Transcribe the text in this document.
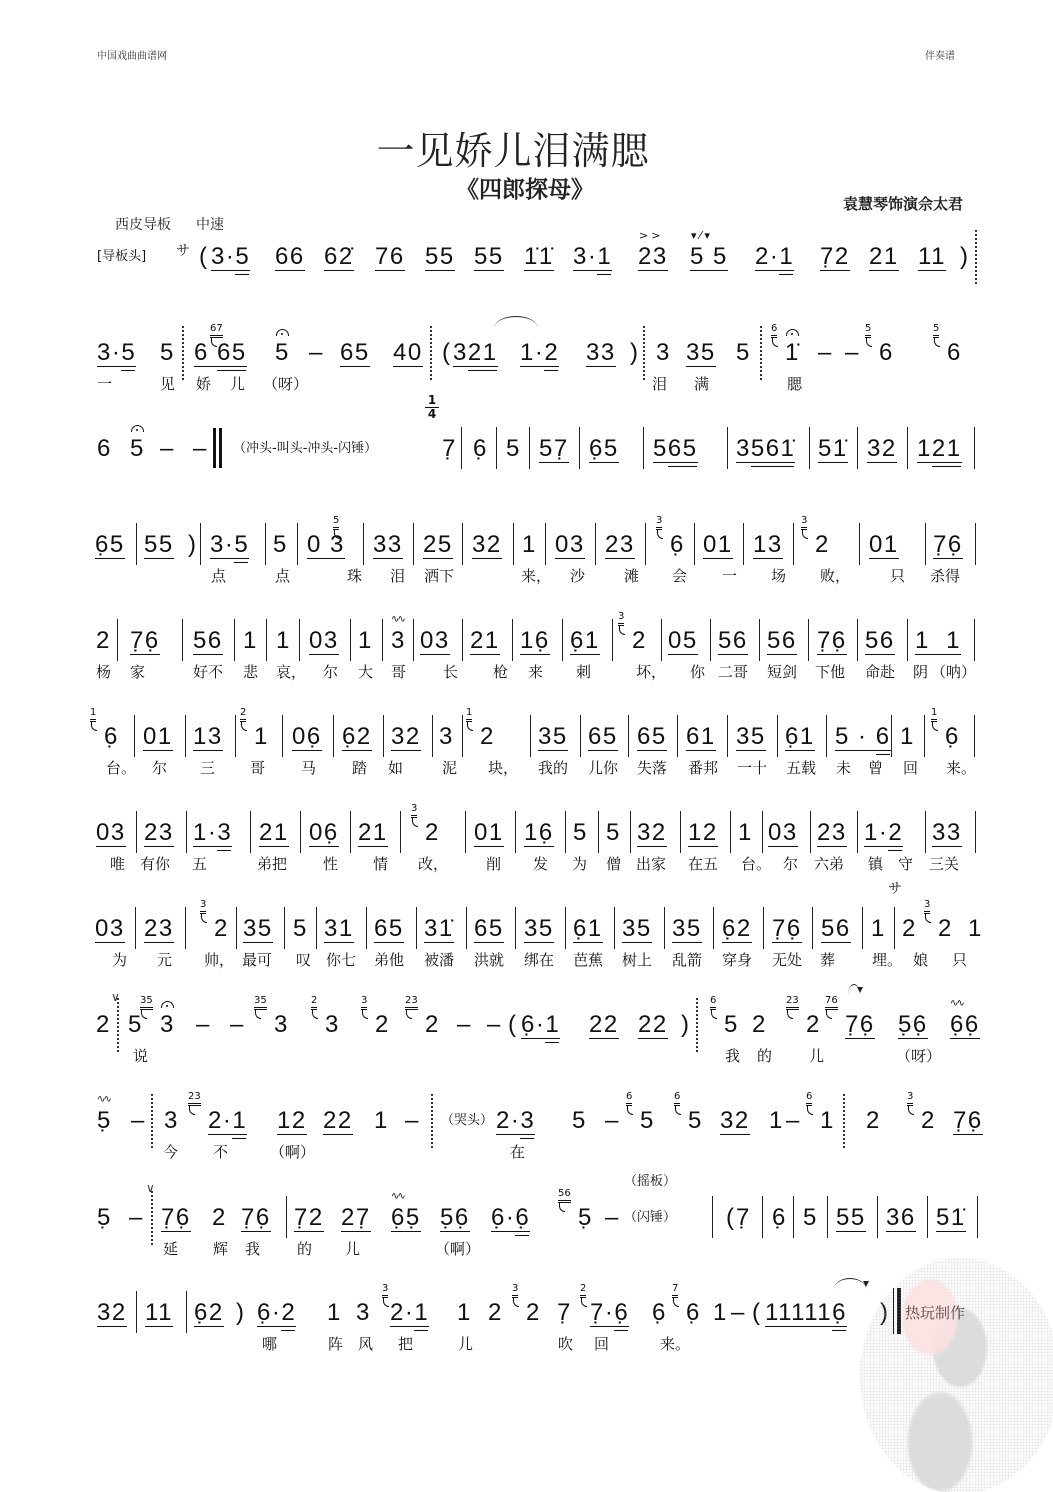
中国戏曲曲谱网	伴奏谱
一见娇儿泪满腮
《四郎探母》
袁慧琴饰演佘太君
西皮导板 中速
[导板头] サ ( 3·5 66 62̇ 76 55 55 1̇1̇ 3·1 23
>>
5 5
▾⁄▾
2·1 7̣2 21 11 )
3·5 5 6 65
67
5 – 65 40 ( 321 1·2 33 ) 3 35 5 1̇
6
– – 6
5
6
5
一	见 娇 儿 （呀）	泪 满	腮
6 5 – – （冲头-叫头-冲头-闪锤）
$\frac{1}{4}$
7̣ 6̣ 5 57̣ 6̣5 565 3561̇ 51̇ 32 121
6̣5 55 ) 3·5 5 0 3
5
33 25 32 1 03 23 6̣
3
01 13 2
3
01 7̣6̣
点	点	珠 泪 洒下	来， 沙	滩 会 一 场 败，	只 杀得
2 7̣6̣ 56 1 1 03 1 3
∿∿ 03 21 16̣ 6̣1 2
3
05 56 56 7̣6̣ 56 1  1
杨 家	好不 悲 哀， 尔 大 哥 长 枪 来 刺	坏， 你 二哥 短剑 下他 命赴 阴 （呐）
6̣
1
01 13 1
2
06̣ 6̣2 32 3 2
1
35 65 65 61 35 6̣1 5 · 6 1 6̣
1
台。 尔 三 哥 马 踏 如	泥 块， 我的 儿你 失落 番邦 一十 五载 未 曾 回 来。
03 23 1·3 21 06̣ 21 2
3
01 16̣ 5 5 32 12 1 03 23 1·2 33
唯 有你 五	弟把 性 情 改，	削 发 为 僧 出家 在五 台。 尔 六弟 镇 守 三关
サ
03 23 2
3
35 5 31 65 31̇ 65 35 6̣1 35 35 6̣2 7̣6̣ 56 1 2 2
3
1
为 元 帅， 最可 叹 你七 弟他 被潘 洪就 绑在 芭蕉 树上 乱箭 穿身 无处 葬 埋。 娘 只
2
∨
5 3
35
– – 3
35
3
2
2
3
2
23
– – ( 6̣·1 22 22 ) 5
6
2 2
23
7̣6̣
76
5̣6̣ 6̣6̣
∿∿
说	我 的 儿	（呀）
5̣
∿∿ – 3 2·1
23
12 22 1 – （哭头） 2·3 5 – 5
6
5
6
32 1 – 1
6
2 2
3
7̣6̣
今 不	（啊）	在
5̣ –
∨
7̣6̣ 2 7̣6̣ 7̣2 27̣ 6̣5̣
∿∿ 5̣6̣ 6̣·6̣ 5̣
56
–
（摇板）
（闪锤） ( 7̣ 6̣ 5 55 36 51̇
延 辉 我 的 儿	（啊）
32 11 6̣2 ) 6̣·2 1 3 2·1
3
1 2 2
3
7̣ 7̣·6̣
2
6̣ 6̣
7
1 – ( 111116̣ ) 热玩制作
哪	阵 风 把	儿	吹 回	来。
